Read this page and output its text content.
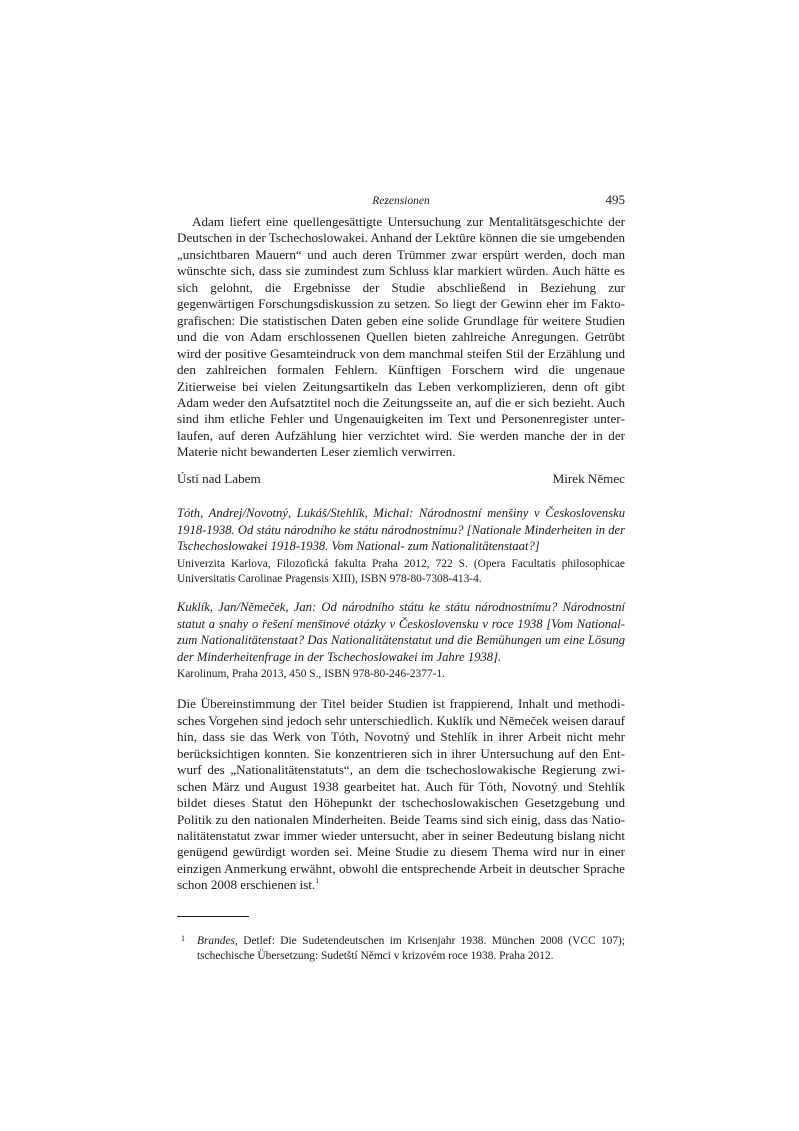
Rezensionen	495

Adam liefert eine quellengesättigte Untersuchung zur Mentalitätsgeschichte der Deutschen in der Tschechoslowakei. Anhand der Lektüre können die sie umgebenden „unsichtbaren Mauern“ und auch deren Trümmer zwar erspürt werden, doch man wünschte sich, dass sie zumindest zum Schluss klar markiert würden. Auch hätte es sich gelohnt, die Ergebnisse der Studie abschließend in Beziehung zur gegenwärtigen Forschungsdiskussion zu setzen. So liegt der Gewinn eher im Faktografischen: Die statistischen Daten geben eine solide Grundlage für weitere Studien und die von Adam erschlossenen Quellen bieten zahlreiche Anregungen. Getrübt wird der positive Gesamteindruck von dem manchmal steifen Stil der Erzählung und den zahlreichen formalen Fehlern. Künftigen Forschern wird die ungenaue Zitierweise bei vielen Zeitungsartikeln das Leben verkomplizieren, denn oft gibt Adam weder den Aufsatztitel noch die Zeitungsseite an, auf die er sich bezieht. Auch sind ihm etliche Fehler und Ungenauigkeiten im Text und Personenregister unterlaufen, auf deren Aufzählung hier verzichtet wird. Sie werden manche der in der Materie nicht bewanderten Leser ziemlich verwirren.

Ústí nad Labem	Mirek Němec

Tóth, Andrej/Novotný, Lukáš/Stehlík, Michal: Národnostní menšiny v Československu 1918-1938. Od státu národního ke státu národnostnímu? [Nationale Minderheiten in der Tschechoslowakei 1918-1938. Vom National- zum Nationalitätenstaat?]

Univerzita Karlova, Filozofická fakulta Praha 2012, 722 S. (Opera Facultatis philosophicae Universitatis Carolinae Pragensis XIII), ISBN 978-80-7308-413-4.

Kuklík, Jan/Němeček, Jan: Od národního státu ke státu národnostnímu? Národnostní statut a snahy o řešení menšinové otázky v Československu v roce 1938 [Vom National- zum Nationalitätenstaat? Das Nationalitätenstatut und die Bemühungen um eine Lösung der Minderheitenfrage in der Tschechoslowakei im Jahre 1938].

Karolinum, Praha 2013, 450 S., ISBN 978-80-246-2377-1.

Die Übereinstimmung der Titel beider Studien ist frappierend, Inhalt und methodisches Vorgehen sind jedoch sehr unterschiedlich. Kuklík und Němeček weisen darauf hin, dass sie das Werk von Tóth, Novotný und Stehlík in ihrer Arbeit nicht mehr berücksichtigen konnten. Sie konzentrieren sich in ihrer Untersuchung auf den Entwurf des „Nationalitätenstatuts“, an dem die tschechoslowakische Regierung zwischen März und August 1938 gearbeitet hat. Auch für Tóth, Novotný und Stehlík bildet dieses Statut den Höhepunkt der tschechoslowakischen Gesetzgebung und Politik zu den nationalen Minderheiten. Beide Teams sind sich einig, dass das Nationalitätenstatut zwar immer wieder untersucht, aber in seiner Bedeutung bislang nicht genügend gewürdigt worden sei. Meine Studie zu diesem Thema wird nur in einer einzigen Anmerkung erwähnt, obwohl die entsprechende Arbeit in deutscher Sprache schon 2008 erschienen ist.$^1$

1 Brandes, Detlef: Die Sudetendeutschen im Krisenjahr 1938. München 2008 (VCC 107); tschechische Übersetzung: Sudetští Němci v krizovém roce 1938. Praha 2012.
